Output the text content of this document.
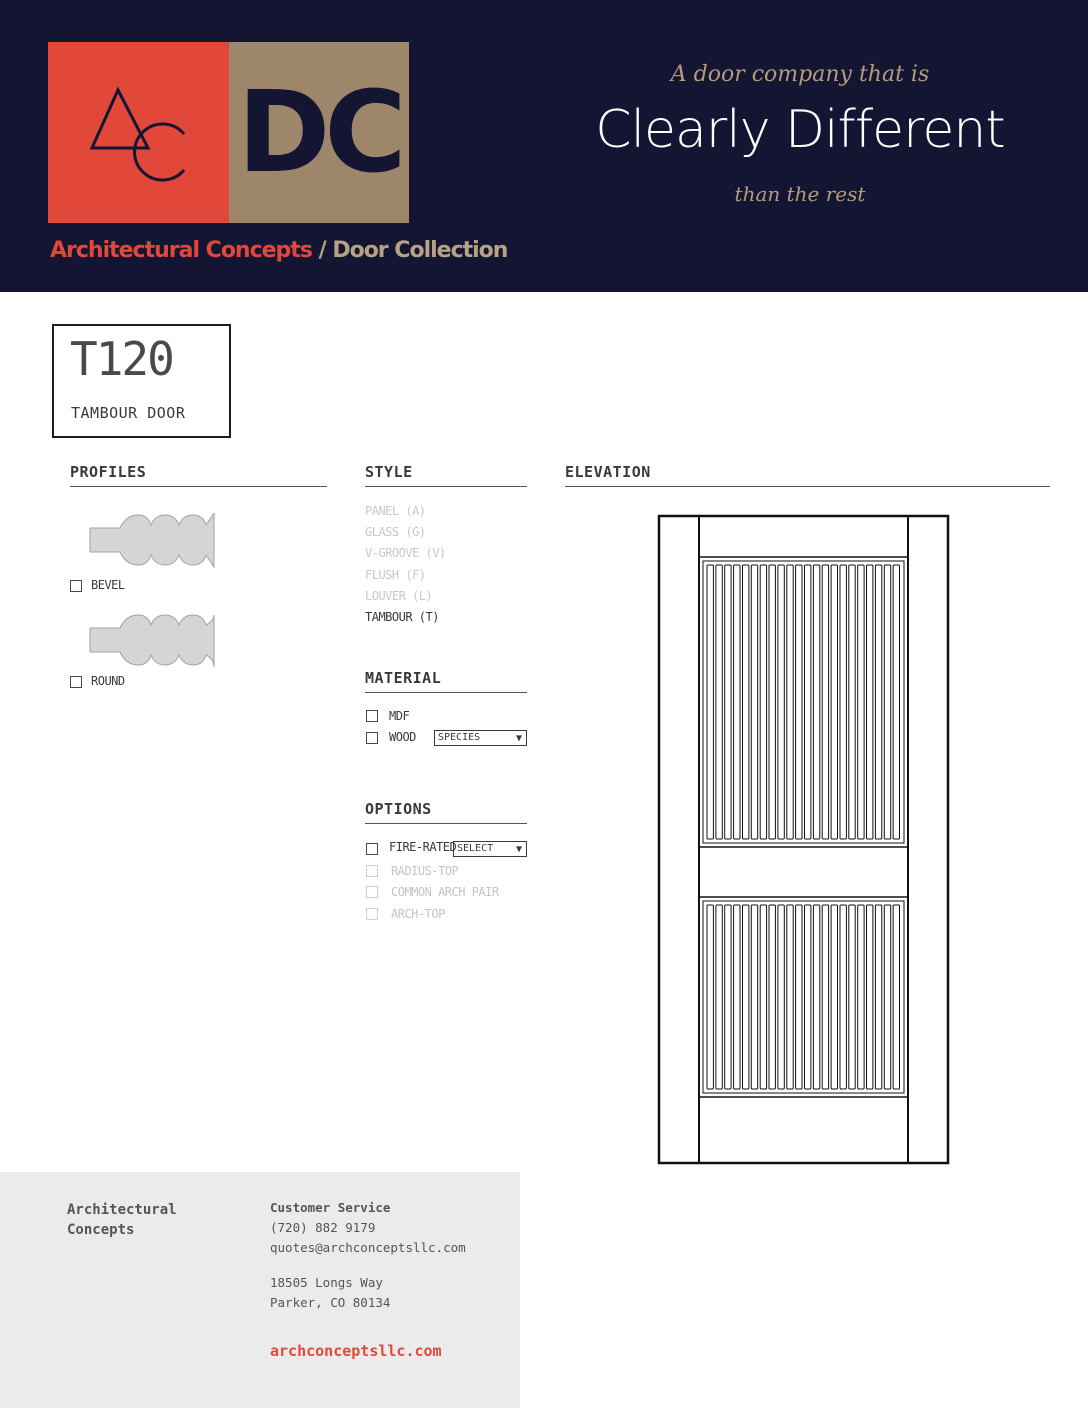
DC
Architectural Concepts / Door Collection
A door company that is
Clearly Different
than the rest
T120
TAMBOUR DOOR
PROFILES
BEVEL
ROUND
STYLE
PANEL (A)
GLASS (G)
V-GROOVE (V)
FLUSH (F)
LOUVER (L)
TAMBOUR (T)
MATERIAL
MDF
WOOD	SPECIES	▼
OPTIONS
FIRE-RATED SELECT ▼
RADIUS-TOP
COMMON ARCH PAIR
ARCH-TOP
ELEVATION
Architectural
Concepts
Customer Service
(720) 882 9179
quotes@archconceptsllc.com
18505 Longs Way
Parker, CO 80134
archconceptsllc.com
